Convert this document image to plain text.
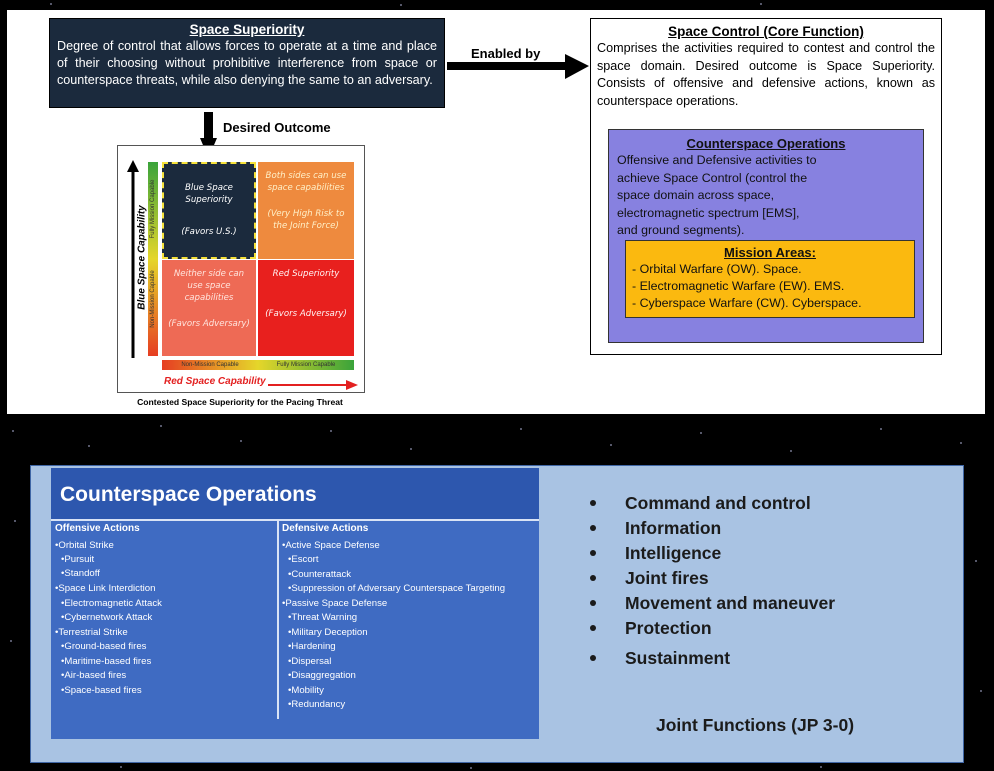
Space Superiority
Degree of control that allows forces to operate at a time and place of their choosing without prohibitive interference from space or counterspace threats, while also denying the same to an adversary.
Enabled by
Desired Outcome
Blue Space Capability Fully Mission Capable
Non-Mission Capable
Blue Space Superiority
(Favors U.S.)
Both sides can use space capabilities
(Very High Risk to the Joint Force)
Neither side can use space capabilities
(Favors Adversary)
Red Superiority
(Favors Adversary)
Non-Mission Capable	Fully Mission Capable
Red Space Capability
Contested Space Superiority for the Pacing Threat
Space Control (Core Function)
Comprises the activities required to contest and control the space domain. Desired outcome is Space Superiority. Consists of offensive and defensive actions, known as counterspace operations.
Counterspace Operations
Offensive and Defensive activities to achieve Space Control (control the space domain across space, electromagnetic spectrum [EMS], and ground segments).
Mission Areas:
- Orbital Warfare (OW). Space.
- Electromagnetic Warfare (EW). EMS.
- Cyberspace Warfare (CW). Cyberspace.
Counterspace Operations
Offensive Actions	Defensive Actions
•Orbital Strike
•Pursuit
•Standoff
•Space Link Interdiction
•Electromagnetic Attack
•Cybernetwork Attack
•Terrestrial Strike
•Ground-based fires
•Maritime-based fires
•Air-based fires
•Space-based fires
•Active Space Defense
•Escort
•Counterattack
•Suppression of Adversary Counterspace Targeting
•Passive Space Defense
•Threat Warning
•Military Deception
•Hardening
•Dispersal
•Disaggregation
•Mobility
•Redundancy
Command and control
Information
Intelligence
Joint fires
Movement and maneuver
Protection
Sustainment
Joint Functions (JP 3-0)
